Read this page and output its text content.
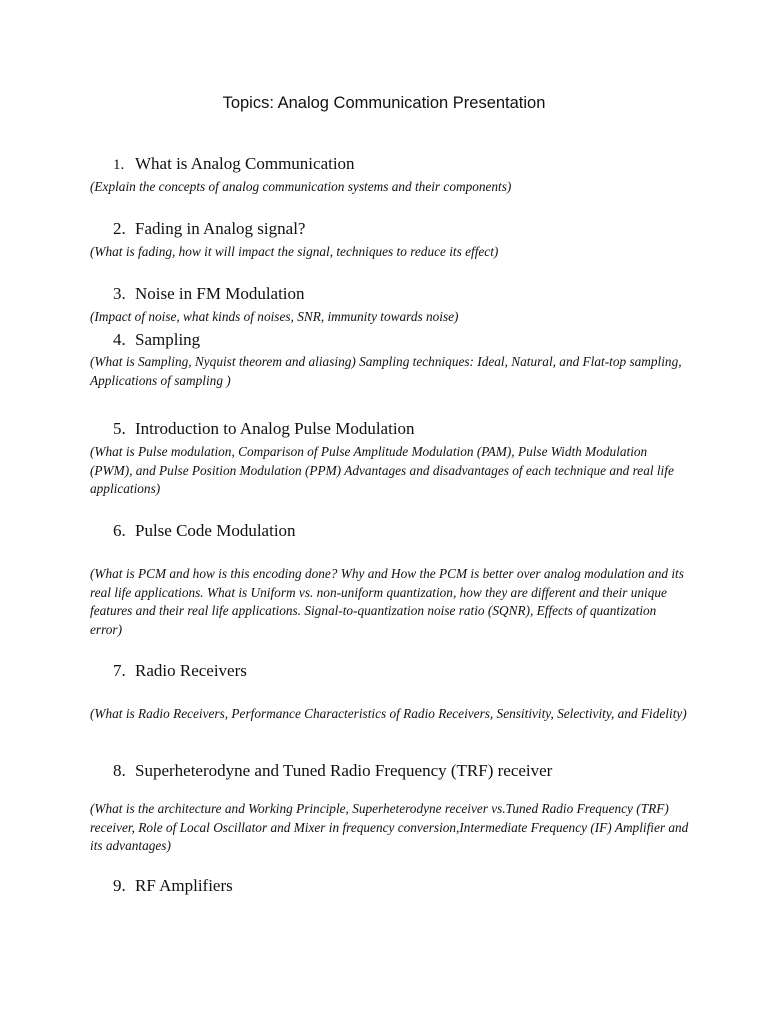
Topics: Analog Communication Presentation
1. What is Analog Communication
(Explain the concepts of analog communication systems and their components)
2. Fading in Analog signal?
(What is fading, how it will impact the signal, techniques to reduce its effect)
3. Noise in FM Modulation
(Impact of noise, what kinds of noises, SNR, immunity towards noise)
4. Sampling
(What is Sampling, Nyquist theorem and aliasing) Sampling techniques: Ideal, Natural, and Flat-top sampling, Applications of sampling )
5. Introduction to Analog Pulse Modulation
(What is Pulse modulation, Comparison of Pulse Amplitude Modulation (PAM), Pulse Width Modulation (PWM), and Pulse Position Modulation (PPM) Advantages and disadvantages of each technique and real life applications)
6. Pulse Code Modulation
(What is PCM and how is this encoding done? Why and How the PCM is better over analog modulation and its real life applications. What is Uniform vs. non-uniform quantization, how they are different and their unique features and their real life applications. Signal-to-quantization noise ratio (SQNR), Effects of quantization error)
7. Radio Receivers
(What is Radio Receivers, Performance Characteristics of Radio Receivers, Sensitivity, Selectivity, and Fidelity)
8. Superheterodyne and Tuned Radio Frequency (TRF) receiver
(What is the architecture and Working Principle, Superheterodyne receiver vs.Tuned Radio Frequency (TRF) receiver, Role of Local Oscillator and Mixer in frequency conversion,Intermediate Frequency (IF) Amplifier and its advantages)
9. RF Amplifiers
